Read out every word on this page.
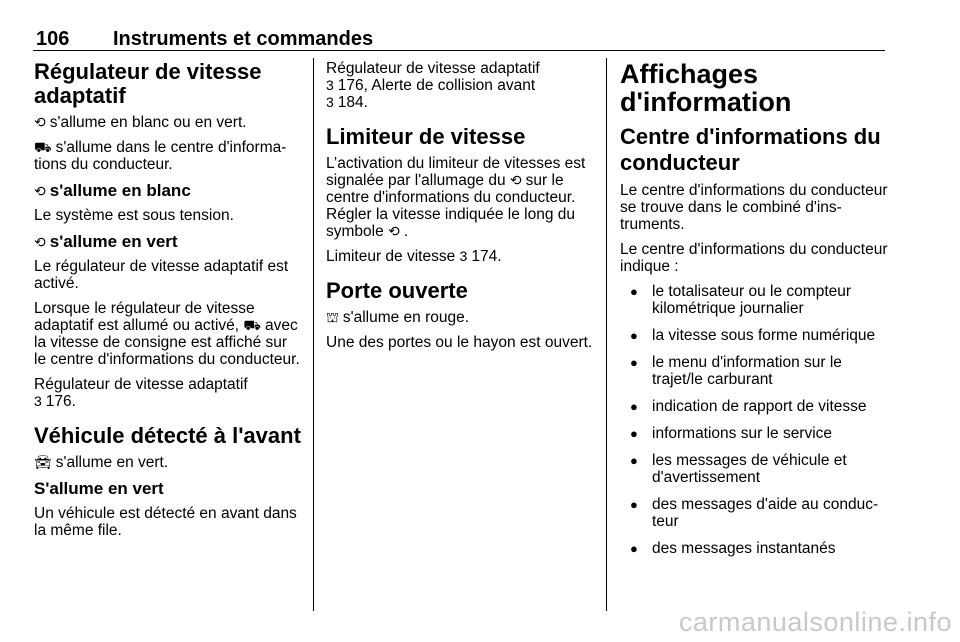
106 Instruments et commandes
Régulateur de vitesse adaptatif

⟲ s'allume en blanc ou en vert.

⛟ s'allume dans le centre d'informations du conducteur.

⟲ s'allume en blanc

Le système est sous tension.

⟲ s'allume en vert

Le régulateur de vitesse adaptatif est activé.

Lorsque le régulateur de vitesse adaptatif est allumé ou activé, ⛟ avec la vitesse de consigne est affiché sur le centre d'informations du conducteur.

Régulateur de vitesse adaptatif
3 176.

Véhicule détecté à l'avant

🚘︎ s'allume en vert.

S'allume en vert

Un véhicule est détecté en avant dans la même file.

Régulateur de vitesse adaptatif
3 176, Alerte de collision avant
3 184.

Limiteur de vitesse

L’activation du limiteur de vitesses est signalée par l'allumage du ⟲ sur le centre d'informations du conducteur. Régler la vitesse indiquée le long du symbole ⟲ .

Limiteur de vitesse 3 174.

Porte ouverte

⛫ s'allume en rouge.

Une des portes ou le hayon est ouvert.

Affichages d'information
Centre d'informations du conducteur

Le centre d'informations du conducteur se trouve dans le combiné d'instruments.

Le centre d'informations du conducteur indique :

● le totalisateur ou le compteur kilométrique journalier
● la vitesse sous forme numérique
● le menu d'information sur le trajet/le carburant
● indication de rapport de vitesse
● informations sur le service
● les messages de véhicule et d'avertissement
● des messages d'aide au conducteur
● des messages instantanés
carmanualsonline.info
